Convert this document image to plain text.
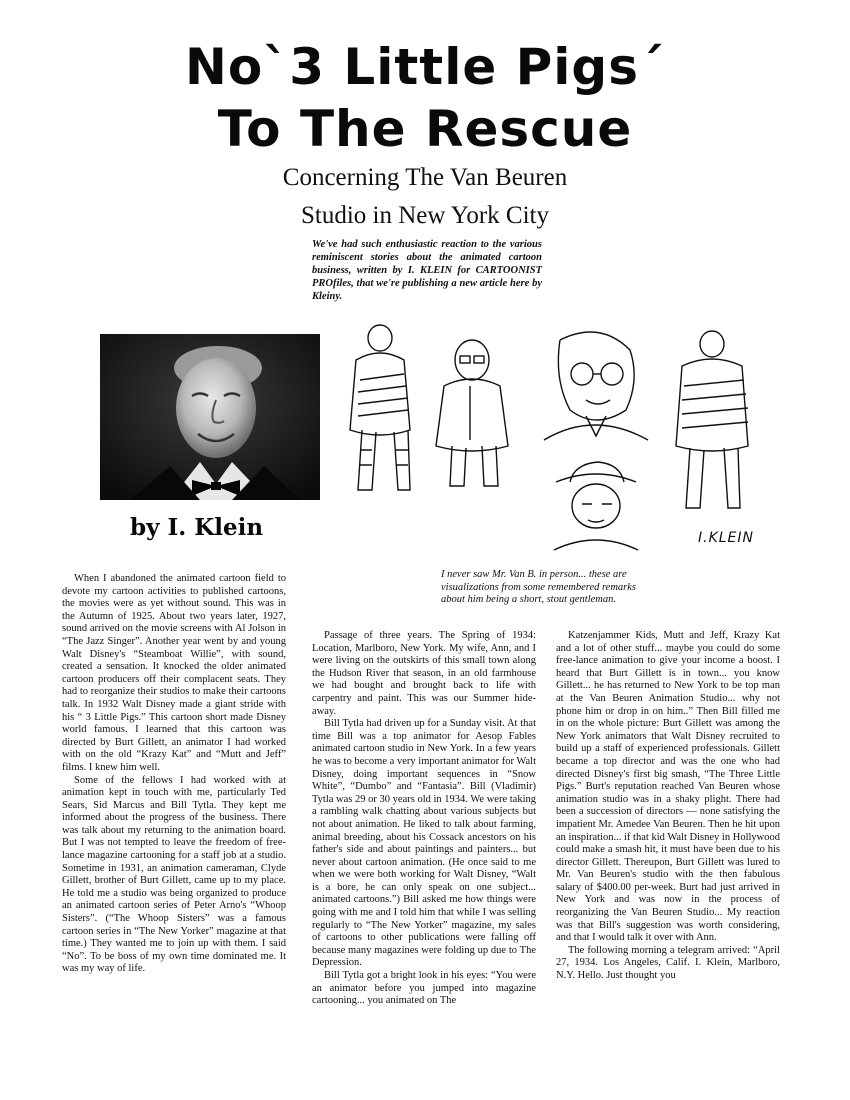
No`3 Little Pigs´
To The Rescue
Concerning The Van Beuren
Studio in New York City
We've had such enthusiastic reaction to the various reminiscent stories about the animated cartoon business, written by I. KLEIN for CARTOONIST PROfiles, that we're publishing a new article here by Kleiny.
by I. Klein	I.KLEIN
I never saw Mr. Van B. in person... these are visualizations from some remembered remarks about him being a short, stout gentleman.

When I abandoned the animated cartoon field to devote my cartoon activities to published cartoons, the movies were as yet without sound. This was in the Autumn of 1925. About two years later, 1927, sound arrived on the movie screens with Al Jolson in “The Jazz Singer”. Another year went by and young Walt Disney's “Steamboat Willie”, with sound, created a sensation. It knocked the older animated cartoon producers off their complacent seats. They had to reorganize their studios to make their cartoons talk. In 1932 Walt Disney made a giant stride with his “ 3 Little Pigs.” This cartoon short made Disney world famous. I learned that this cartoon was directed by Burt Gillett, an animator I had worked with on the old “Krazy Kat” and “Mutt and Jeff” films. I knew him well.

Some of the fellows I had worked with at animation kept in touch with me, particularly Ted Sears, Sid Marcus and Bill Tytla. They kept me informed about the progress of the business. There was talk about my returning to the animation board. But I was not tempted to leave the freedom of free-lance magazine cartooning for a staff job at a studio. Sometime in 1931, an animation cameraman, Clyde Gillett, brother of Burt Gillett, came up to my place. He told me a studio was being organized to produce an animated cartoon series of Peter Arno's “Whoop Sisters”. (“The Whoop Sisters” was a famous cartoon series in “The New Yorker” magazine at that time.) They wanted me to join up with them. I said “No”. To be boss of my own time dominated me. It was my way of life.

Passage of three years. The Spring of 1934: Location, Marlboro, New York. My wife, Ann, and I were living on the outskirts of this small town along the Hudson River that season, in an old farmhouse we had bought and brought back to life with carpentry and paint. This was our Summer hide-away.

Bill Tytla had driven up for a Sunday visit. At that time Bill was a top animator for Aesop Fables animated cartoon studio in New York. In a few years he was to become a very important animator for Walt Disney, doing important sequences in “Snow White”, “Dumbo” and “Fantasia”. Bill (Vladimir) Tytla was 29 or 30 years old in 1934. We were taking a rambling walk chatting about various subjects but not about animation. He liked to talk about farming, animal breeding, about his Cossack ancestors on his father's side and about paintings and painters... but never about cartoon animation. (He once said to me when we were both working for Walt Disney, “Walt is a bore, he can only speak on one subject... animated cartoons.”) Bill asked me how things were going with me and I told him that while I was selling regularly to “The New Yorker” magazine, my sales of cartoons to other publications were falling off because many magazines were folding up due to The Depression.

Bill Tytla got a bright look in his eyes: “You were an animator before you jumped into magazine cartooning... you animated on The

Katzenjammer Kids, Mutt and Jeff, Krazy Kat and a lot of other stuff... maybe you could do some free-lance animation to give your income a boost. I heard that Burt Gillett is in town... you know Gillett... he has returned to New York to be top man at the Van Beuren Animation Studio... why not phone him or drop in on him..” Then Bill filled me in on the whole picture: Burt Gillett was among the New York animators that Walt Disney recruited to build up a staff of experienced professionals. Gillett became a top director and was the one who had directed Disney's first big smash, “The Three Little Pigs.” Burt's reputation reached Van Beuren whose animation studio was in a shaky plight. There had been a succession of directors — none satisfying the impatient Mr. Amedee Van Beuren. Then he hit upon an inspiration... if that kid Walt Disney in Hollywood could make a smash hit, it must have been due to his director Gillett. Thereupon, Burt Gillett was lured to Mr. Van Beuren's studio with the then fabulous salary of $400.00 per-week. Burt had just arrived in New York and was now in the process of reorganizing the Van Beuren Studio... My reaction was that Bill's suggestion was worth considering, and that I would talk it over with Ann.

The following morning a telegram arrived: “April 27, 1934. Los Angeles, Calif. I. Klein, Marlboro, N.Y. Hello. Just thought you
